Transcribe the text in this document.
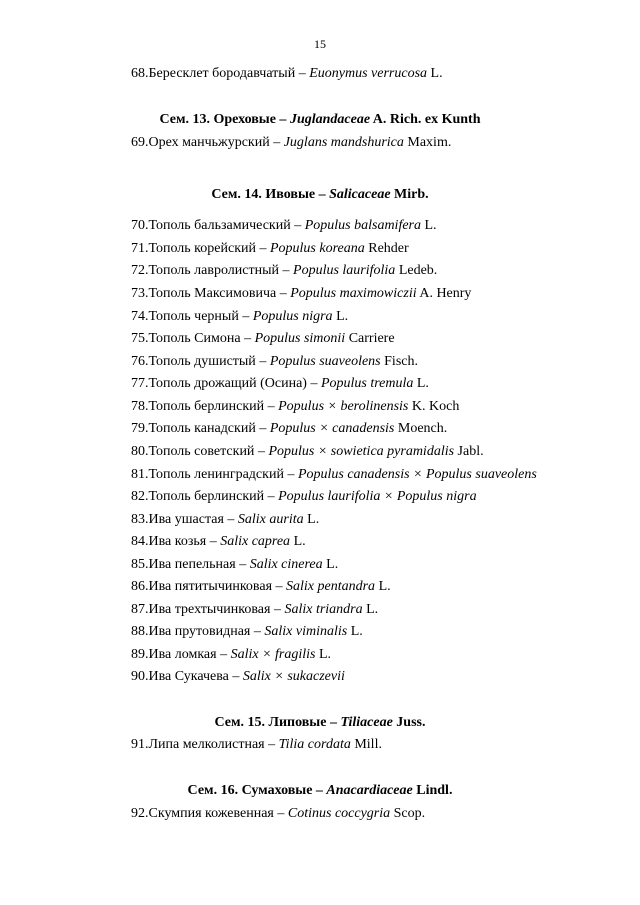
15
68.Бересклет бородавчатый – Euonymus verrucosa L.
Сем. 13. Ореховые – Juglandaceae A. Rich. ex Kunth
69.Орех манчьжурский – Juglans mandshurica Maxim.
Сем. 14. Ивовые – Salicaceae Mirb.
70.Тополь бальзамический – Populus balsamifera L.
71.Тополь корейский – Populus koreana Rehder
72.Тополь лавролистный – Populus laurifolia Ledeb.
73.Тополь Максимовича – Populus maximowiczii A. Henry
74.Тополь черный – Populus nigra L.
75.Тополь Симона – Populus simonii Carriere
76.Тополь душистый – Populus suaveolens Fisch.
77.Тополь дрожащий (Осина) – Populus tremula L.
78.Тополь берлинский – Populus × berolinensis K. Koch
79.Тополь канадский – Populus × canadensis Moench.
80.Тополь советский – Populus × sowietica pyramidalis Jabl.
81.Тополь ленинградский – Populus canadensis × Populus suaveolens
82.Тополь берлинский – Populus laurifolia × Populus nigra
83.Ива ушастая – Salix aurita L.
84.Ива козья – Salix caprea L.
85.Ива пепельная – Salix cinerea L.
86.Ива пятитычинковая – Salix pentandra L.
87.Ива трехтычинковая – Salix triandra L.
88.Ива прутовидная – Salix viminalis L.
89.Ива ломкая – Salix × fragilis L.
90.Ива Сукачева – Salix × sukaczevii
Сем. 15. Липовые – Tiliaceae Juss.
91.Липа мелколистная – Tilia cordata Mill.
Сем. 16. Сумаховые – Anacardiaceae Lindl.
92.Скумпия кожевенная – Cotinus coccygria Scop.
